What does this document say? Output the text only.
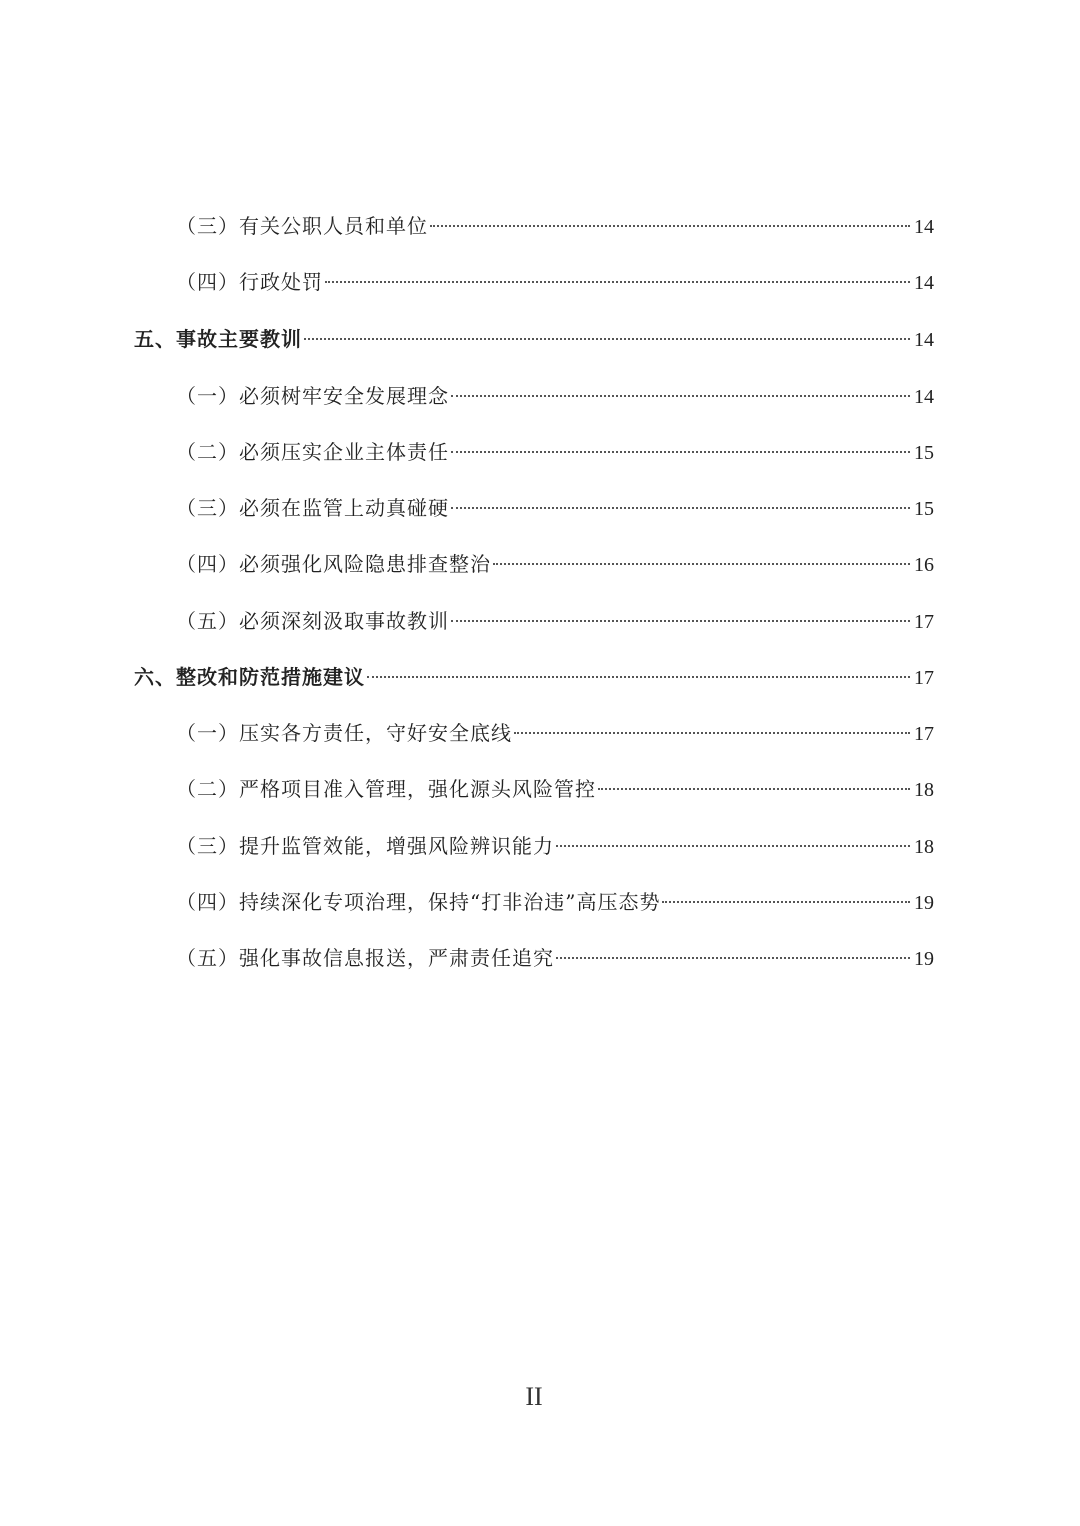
（三）有关公职人员和单位	14
（四）行政处罚	14
五、事故主要教训	14
（一）必须树牢安全发展理念	14
（二）必须压实企业主体责任	15
（三）必须在监管上动真碰硬	15
（四）必须强化风险隐患排查整治	16
（五）必须深刻汲取事故教训	17
六、整改和防范措施建议	17
（一）压实各方责任，守好安全底线	17
（二）严格项目准入管理，强化源头风险管控	18
（三）提升监管效能，增强风险辨识能力	18
（四）持续深化专项治理，保持“打非治违”高压态势	19
（五）强化事故信息报送，严肃责任追究	19
II
